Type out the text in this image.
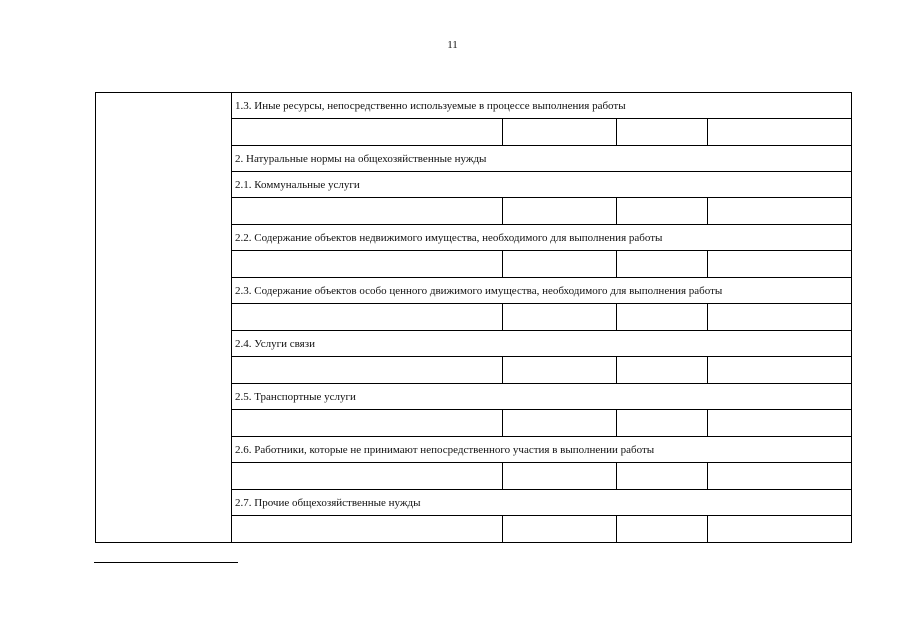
11
	1.3. Иные ресурсы, непосредственно используемые в процессе выполнения работы			

	2. Натуральные нормы на общехозяйственные нужды			
	2.1. Коммунальные услуги			

	2.2. Содержание объектов недвижимого имущества, необходимого для выполнения работы			

	2.3. Содержание объектов особо ценного движимого имущества, необходимого для выполнения работы			

	2.4. Услуги связи			

	2.5. Транспортные услуги			

	2.6. Работники, которые не принимают непосредственного участия в выполнении работы			

	2.7. Прочие общехозяйственные нужды			
